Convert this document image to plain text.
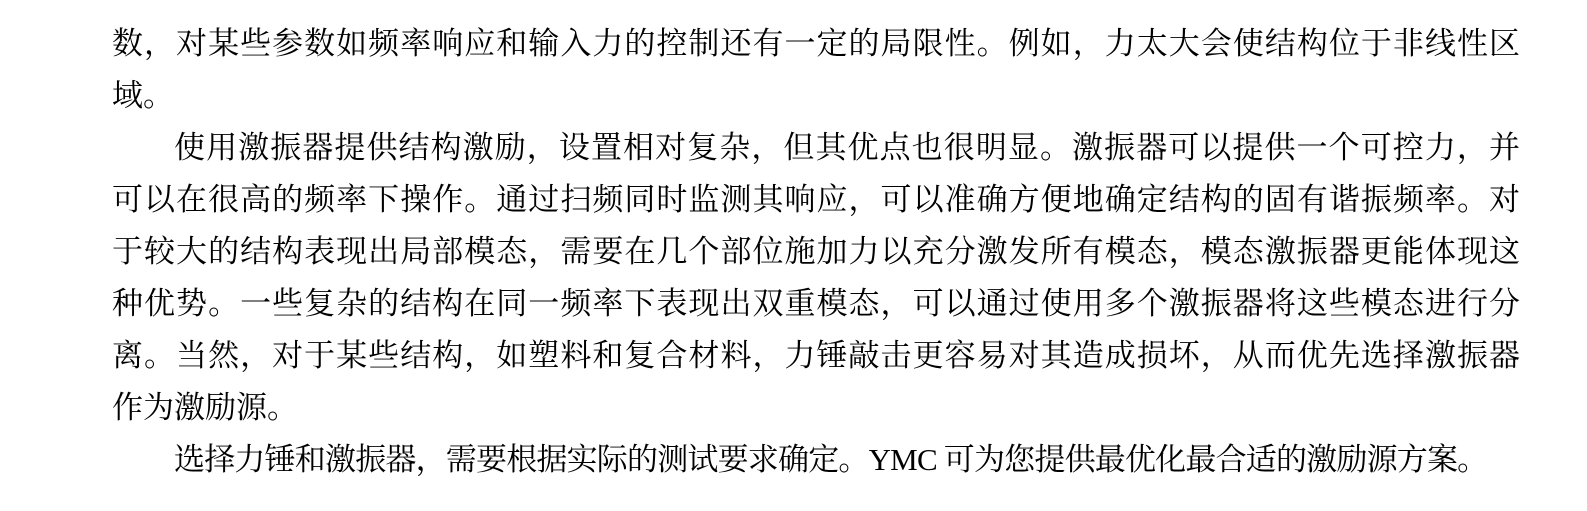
数，对某些参数如频率响应和输入力的控制还有一定的局限性。例如，力太大会使结构位于非线性区
域。
使用激振器提供结构激励，设置相对复杂，但其优点也很明显。激振器可以提供一个可控力，并
可以在很高的频率下操作。通过扫频同时监测其响应，可以准确方便地确定结构的固有谐振频率。对
于较大的结构表现出局部模态，需要在几个部位施加力以充分激发所有模态，模态激振器更能体现这
种优势。一些复杂的结构在同一频率下表现出双重模态，可以通过使用多个激振器将这些模态进行分
离。当然，对于某些结构，如塑料和复合材料，力锤敲击更容易对其造成损坏，从而优先选择激振器
作为激励源。
选择力锤和激振器，需要根据实际的测试要求确定。YMC 可为您提供最优化最合适的激励源方案。
